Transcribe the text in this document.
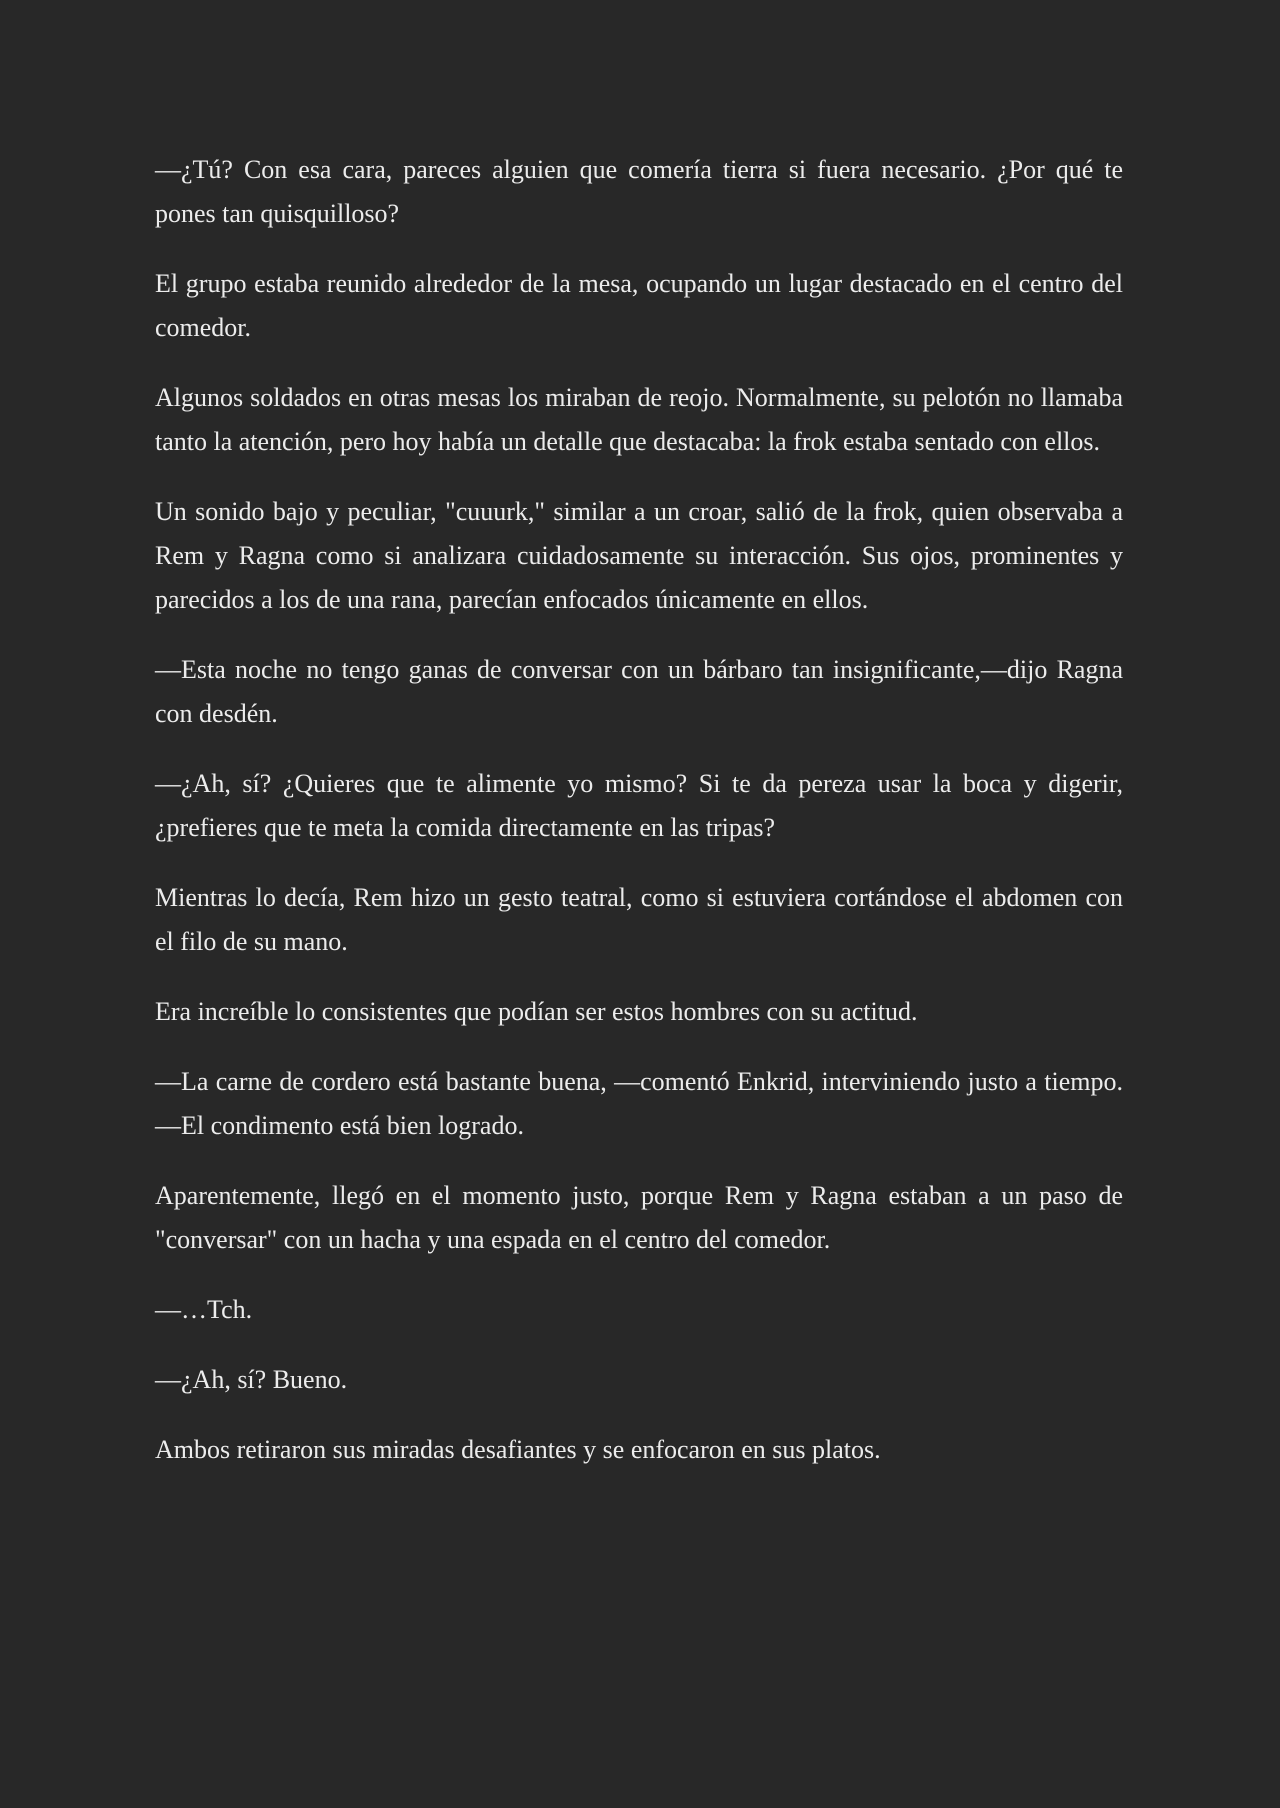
—¿Tú? Con esa cara, pareces alguien que comería tierra si fuera necesario. ¿Por qué te pones tan quisquilloso?

El grupo estaba reunido alrededor de la mesa, ocupando un lugar destacado en el centro del comedor.

Algunos soldados en otras mesas los miraban de reojo. Normalmente, su pelotón no llamaba tanto la atención, pero hoy había un detalle que destacaba: la frok estaba sentado con ellos.

Un sonido bajo y peculiar, "cuuurk," similar a un croar, salió de la frok, quien observaba a Rem y Ragna como si analizara cuidadosamente su interacción. Sus ojos, prominentes y parecidos a los de una rana, parecían enfocados únicamente en ellos.

—Esta noche no tengo ganas de conversar con un bárbaro tan insignificante,—dijo Ragna con desdén.

—¿Ah, sí? ¿Quieres que te alimente yo mismo? Si te da pereza usar la boca y digerir, ¿prefieres que te meta la comida directamente en las tripas?

Mientras lo decía, Rem hizo un gesto teatral, como si estuviera cortándose el abdomen con el filo de su mano.

Era increíble lo consistentes que podían ser estos hombres con su actitud.

—La carne de cordero está bastante buena, —comentó Enkrid, interviniendo justo a tiempo.—El condimento está bien logrado.

Aparentemente, llegó en el momento justo, porque Rem y Ragna estaban a un paso de "conversar" con un hacha y una espada en el centro del comedor.

—…Tch.

—¿Ah, sí? Bueno.

Ambos retiraron sus miradas desafiantes y se enfocaron en sus platos.
